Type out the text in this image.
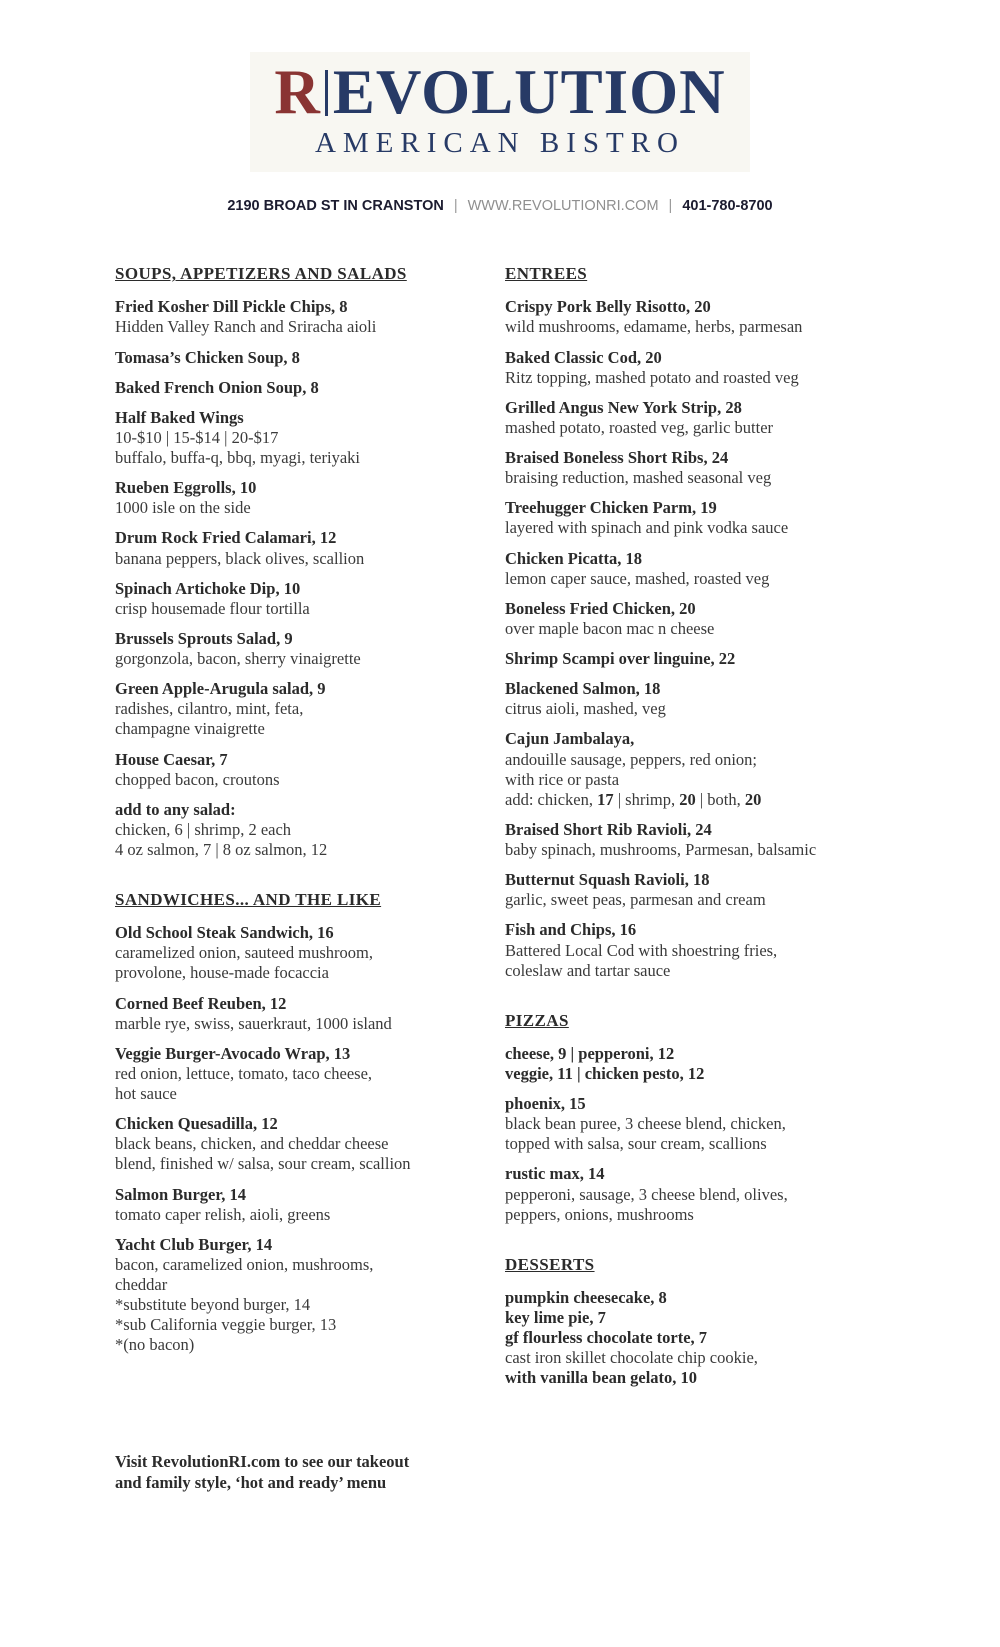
R EVOLUTION
AMERICAN BISTRO
2190 BROAD ST IN CRANSTON | WWW.REVOLUTIONRI.COM | 401-780-8700
SOUPS, APPETIZERS AND SALADS
Fried Kosher Dill Pickle Chips, 8
Hidden Valley Ranch and Sriracha aioli
Tomasa’s Chicken Soup, 8
Baked French Onion Soup, 8
Half Baked Wings
10-$10 | 15-$14 | 20-$17
buffalo, buffa-q, bbq, myagi, teriyaki
Rueben Eggrolls, 10
1000 isle on the side
Drum Rock Fried Calamari, 12
banana peppers, black olives, scallion
Spinach Artichoke Dip, 10
crisp housemade flour tortilla
Brussels Sprouts Salad, 9
gorgonzola, bacon, sherry vinaigrette
Green Apple-Arugula salad, 9
radishes, cilantro, mint, feta,
champagne vinaigrette
House Caesar, 7
chopped bacon, croutons
add to any salad:
chicken, 6 | shrimp, 2 each
4 oz salmon, 7 | 8 oz salmon, 12
SANDWICHES... AND THE LIKE
Old School Steak Sandwich, 16
caramelized onion, sauteed mushroom,
provolone, house-made focaccia
Corned Beef Reuben, 12
marble rye, swiss, sauerkraut, 1000 island
Veggie Burger-Avocado Wrap, 13
red onion, lettuce, tomato, taco cheese,
hot sauce
Chicken Quesadilla, 12
black beans, chicken, and cheddar cheese
blend, finished w/ salsa, sour cream, scallion
Salmon Burger, 14
tomato caper relish, aioli, greens
Yacht Club Burger, 14
bacon, caramelized onion, mushrooms,
cheddar
*substitute beyond burger, 14
*sub California veggie burger, 13
*(no bacon)
ENTREES
Crispy Pork Belly Risotto, 20
wild mushrooms, edamame, herbs, parmesan
Baked Classic Cod, 20
Ritz topping, mashed potato and roasted veg
Grilled Angus New York Strip, 28
mashed potato, roasted veg, garlic butter
Braised Boneless Short Ribs, 24
braising reduction, mashed seasonal veg
Treehugger Chicken Parm, 19
layered with spinach and pink vodka sauce
Chicken Picatta, 18
lemon caper sauce, mashed, roasted veg
Boneless Fried Chicken, 20
over maple bacon mac n cheese
Shrimp Scampi over linguine, 22
Blackened Salmon, 18
citrus aioli, mashed, veg
Cajun Jambalaya,
andouille sausage, peppers, red onion;
with rice or pasta
add: chicken, 17 | shrimp, 20 | both, 20
Braised Short Rib Ravioli, 24
baby spinach, mushrooms, Parmesan, balsamic
Butternut Squash Ravioli, 18
garlic, sweet peas, parmesan and cream
Fish and Chips, 16
Battered Local Cod with shoestring fries,
coleslaw and tartar sauce
PIZZAS
cheese, 9 | pepperoni, 12
veggie, 11 | chicken pesto, 12
phoenix, 15
black bean puree, 3 cheese blend, chicken,
topped with salsa, sour cream, scallions
rustic max, 14
pepperoni, sausage, 3 cheese blend, olives,
peppers, onions, mushrooms
DESSERTS
pumpkin cheesecake, 8
key lime pie, 7
gf flourless chocolate torte, 7
cast iron skillet chocolate chip cookie,
with vanilla bean gelato, 10
Visit RevolutionRI.com to see our takeout
and family style, ‘hot and ready’ menu
